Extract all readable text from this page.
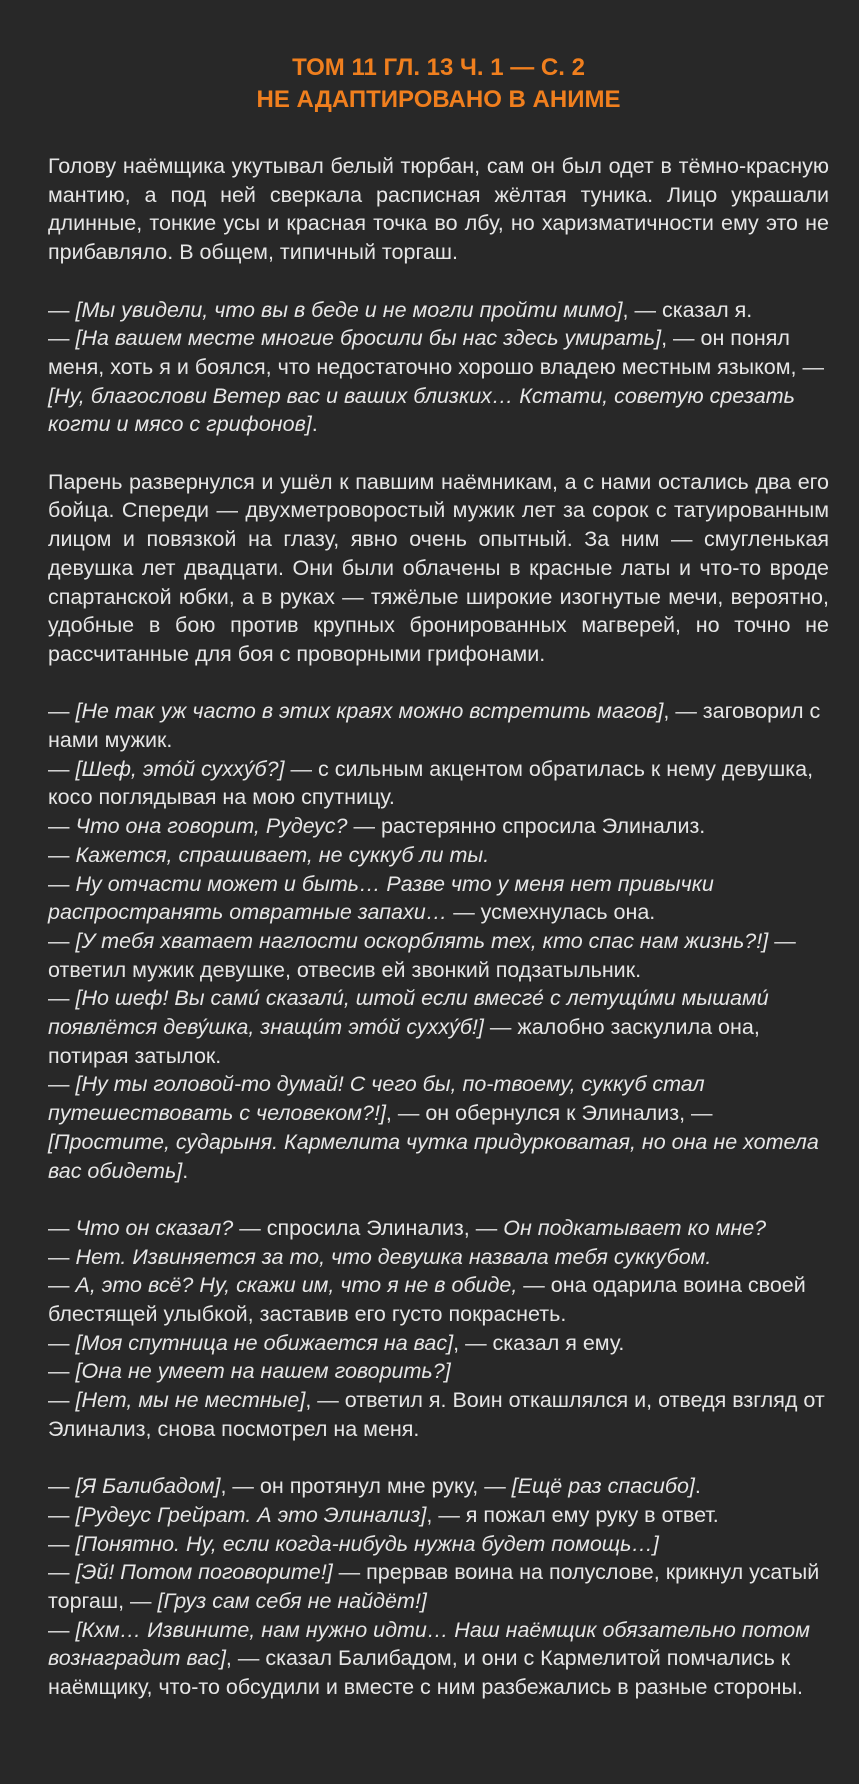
ТОМ 11 ГЛ. 13 Ч. 1 — С. 2
НЕ АДАПТИРОВАНО В АНИМЕ
Голову наёмщика укутывал белый тюрбан, сам он был одет в тёмно-красную мантию, а под ней сверкала расписная жёлтая туника. Лицо украшали длинные, тонкие усы и красная точка во лбу, но харизматичности ему это не прибавляло. В общем, типичный торгаш.
— [Мы увидели, что вы в беде и не могли пройти мимо], — сказал я.
— [На вашем месте многие бросили бы нас здесь умирать], — он понял меня, хоть я и боялся, что недостаточно хорошо владею местным языком, — [Ну, благослови Ветер вас и ваших близких… Кстати, советую срезать когти и мясо с грифонов].
Парень развернулся и ушёл к павшим наёмникам, а с нами остались два его бойца. Спереди — двухметроворостый мужик лет за сорок с татуированным лицом и повязкой на глазу, явно очень опытный. За ним — смугленькая девушка лет двадцати. Они были облачены в красные латы и что-то вроде спартанской юбки, а в руках — тяжёлые широкие изогнутые мечи, вероятно, удобные в бою против крупных бронированных магверей, но точно не рассчитанные для боя с проворными грифонами.
— [Не так уж часто в этих краях можно встретить магов], — заговорил с нами мужик.
— [Шеф, это́й сухху́б?] — с сильным акцентом обратилась к нему девушка, косо поглядывая на мою спутницу.
— Что она говорит, Рудеус? — растерянно спросила Элинализ.
— Кажется, спрашивает, не суккуб ли ты.
— Ну отчасти может и быть… Разве что у меня нет привычки распространять отвратные запахи… — усмехнулась она.
— [У тебя хватает наглости оскорблять тех, кто спас нам жизнь?!] — ответил мужик девушке, отвесив ей звонкий подзатыльник.
— [Но шеф! Вы сами́ сказали́, штой если вмесге́ с летущи́ми мышами́ появлётся деву́шка, знащи́т это́й сухху́б!] — жалобно заскулила она, потирая затылок.
— [Ну ты головой-то думай! С чего бы, по-твоему, суккуб стал путешествовать с человеком?!], — он обернулся к Элинализ, — [Простите, сударыня. Кармелита чутка придурковатая, но она не хотела вас обидеть].
— Что он сказал? — спросила Элинализ, — Он подкатывает ко мне?
— Нет. Извиняется за то, что девушка назвала тебя суккубом.
— А, это всё? Ну, скажи им, что я не в обиде, — она одарила воина своей блестящей улыбкой, заставив его густо покраснеть.
— [Моя спутница не обижается на вас], — сказал я ему.
— [Она не умеет на нашем говорить?]
— [Нет, мы не местные], — ответил я. Воин откашлялся и, отведя взгляд от Элинализ, снова посмотрел на меня.
— [Я Балибадом], — он протянул мне руку, — [Ещё раз спасибо].
— [Рудеус Грейрат. А это Элинализ], — я пожал ему руку в ответ.
— [Понятно. Ну, если когда-нибудь нужна будет помощь…]
— [Эй! Потом поговорите!] — прервав воина на полуслове, крикнул усатый торгаш, — [Груз сам себя не найдёт!]
— [Кхм… Извините, нам нужно идти… Наш наёмщик обязательно потом вознаградит вас], — сказал Балибадом, и они с Кармелитой помчались к наёмщику, что-то обсудили и вместе с ним разбежались в разные стороны.
